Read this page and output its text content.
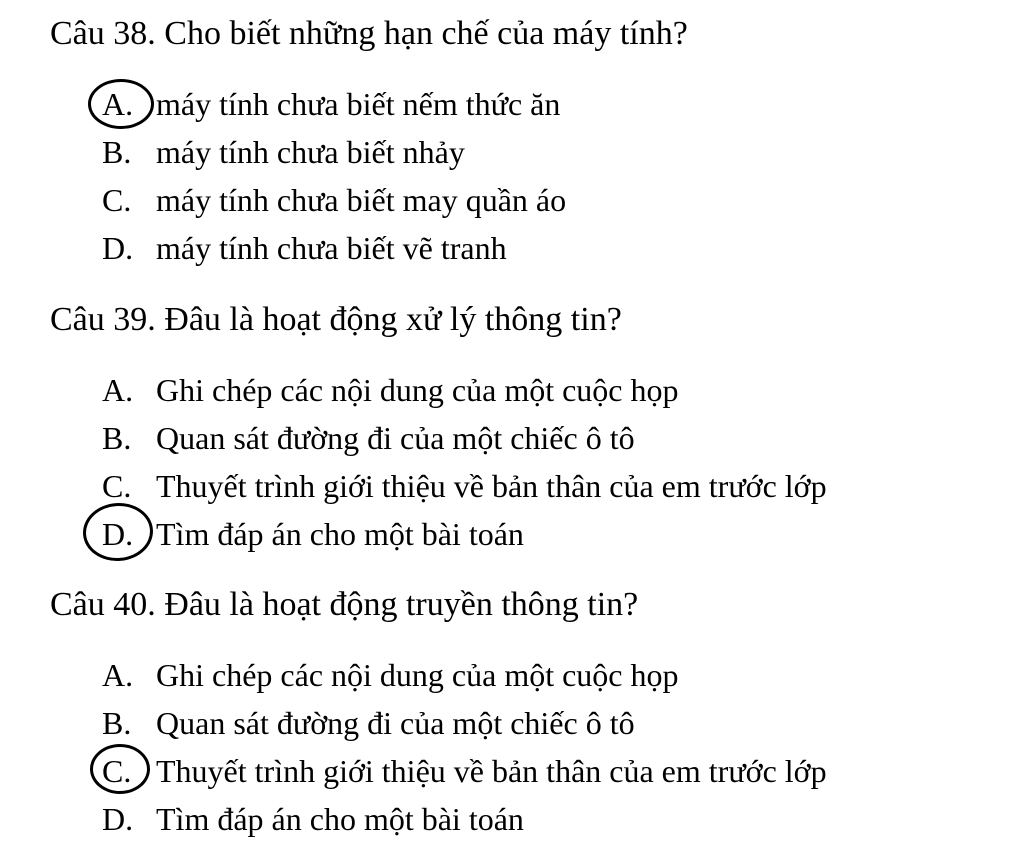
Câu 38. Cho biết những hạn chế của máy tính?
A. máy tính chưa biết nếm thức ăn
B. máy tính chưa biết nhảy
C. máy tính chưa biết may quần áo
D. máy tính chưa biết vẽ tranh
Câu 39. Đâu là hoạt động xử lý thông tin?
A. Ghi chép các nội dung của một cuộc họp
B. Quan sát đường đi của một chiếc ô tô
C. Thuyết trình giới thiệu về bản thân của em trước lớp
D. Tìm đáp án cho một bài toán
Câu 40. Đâu là hoạt động truyền thông tin?
A. Ghi chép các nội dung của một cuộc họp
B. Quan sát đường đi của một chiếc ô tô
C. Thuyết trình giới thiệu về bản thân của em trước lớp
D. Tìm đáp án cho một bài toán
